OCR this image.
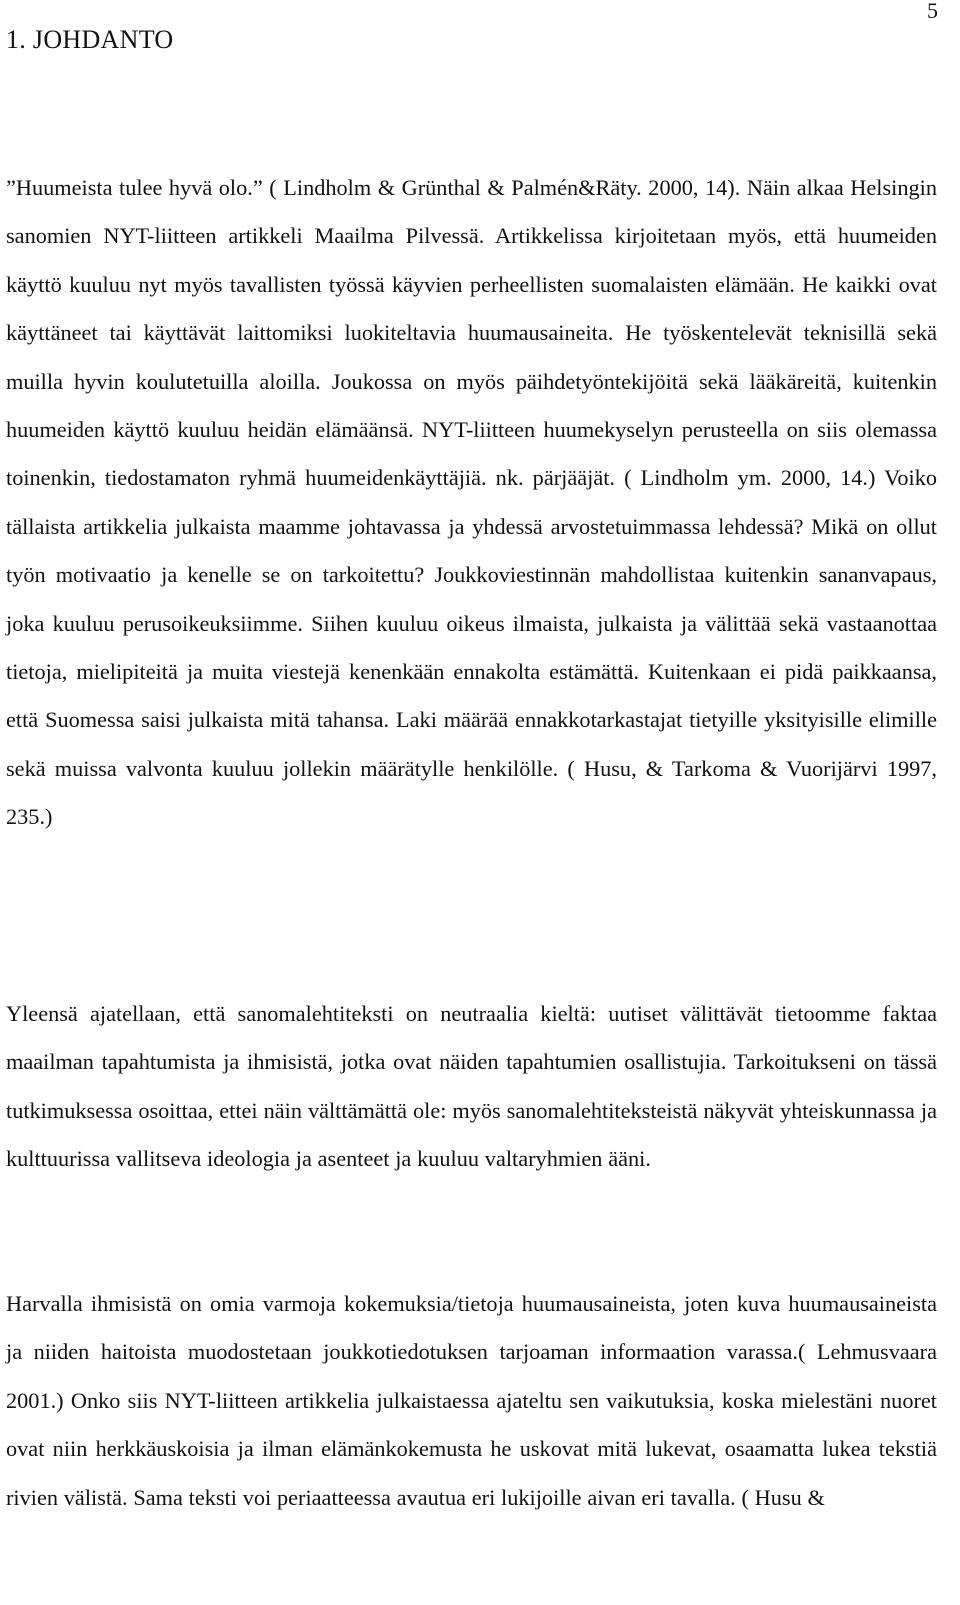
5

1. JOHDANTO

”Huumeista tulee hyvä olo.” ( Lindholm & Grünthal & Palmén&Räty. 2000, 14). Näin alkaa Helsingin sanomien NYT-liitteen artikkeli Maailma Pilvessä. Artikkelissa kirjoitetaan myös, että huumeiden käyttö kuuluu nyt myös tavallisten työssä käyvien perheellisten suomalaisten elämään. He kaikki ovat käyttäneet tai käyttävät laittomiksi luokiteltavia huumausaineita. He työskentelevät teknisillä sekä muilla hyvin koulutetuilla aloilla. Joukossa on myös päihdetyöntekijöitä sekä lääkäreitä, kuitenkin huumeiden käyttö kuuluu heidän elämäänsä. NYT-liitteen huumekyselyn perusteella on siis olemassa toinenkin, tiedostamaton ryhmä huumeidenkäyttäjiä. nk. pärjääjät. ( Lindholm ym. 2000, 14.) Voiko tällaista artikkelia julkaista maamme johtavassa ja yhdessä arvostetuimmassa lehdessä? Mikä on ollut työn motivaatio ja kenelle se on tarkoitettu? Joukkoviestinnän mahdollistaa kuitenkin sananvapaus, joka kuuluu perusoikeuksiimme. Siihen kuuluu oikeus ilmaista, julkaista ja välittää sekä vastaanottaa tietoja, mielipiteitä ja muita viestejä kenenkään ennakolta estämättä. Kuitenkaan ei pidä paikkaansa, että Suomessa saisi julkaista mitä tahansa. Laki määrää ennakkotarkastajat tietyille yksityisille elimille sekä muissa valvonta kuuluu jollekin määrätylle henkilölle. ( Husu, & Tarkoma & Vuorijärvi 1997, 235.)

Yleensä ajatellaan, että sanomalehtiteksti on neutraalia kieltä: uutiset välittävät tietoomme faktaa maailman tapahtumista ja ihmisistä, jotka ovat näiden tapahtumien osallistujia. Tarkoitukseni on tässä tutkimuksessa osoittaa, ettei näin välttämättä ole: myös sanomalehtiteksteistä näkyvät yhteiskunnassa ja kulttuurissa vallitseva ideologia ja asenteet ja kuuluu valtaryhmien ääni.

Harvalla ihmisistä on omia varmoja kokemuksia/tietoja huumausaineista, joten kuva huumausaineista ja niiden haitoista muodostetaan joukkotiedotuksen tarjoaman informaation varassa.( Lehmusvaara 2001.) Onko siis NYT-liitteen artikkelia julkaistaessa ajateltu sen vaikutuksia, koska mielestäni nuoret ovat niin herkkäuskoisia ja ilman elämänkokemusta he uskovat mitä lukevat, osaamatta lukea tekstiä rivien välistä. Sama teksti voi periaatteessa avautua eri lukijoille aivan eri tavalla. ( Husu &
